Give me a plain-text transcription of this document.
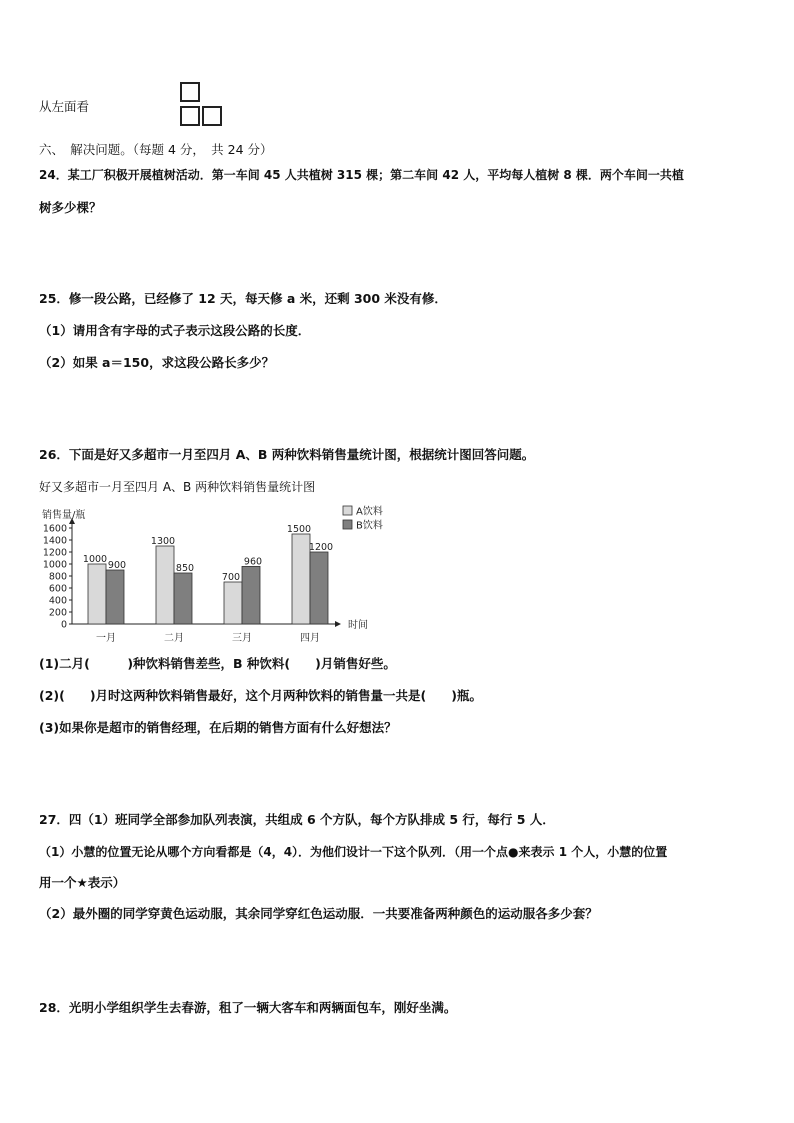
从左面看
六、　解决问题。（每题 4 分，　共 24 分）
24．某工厂积极开展植树活动．第一车间 45 人共植树 315 棵；第二车间 42 人，平均每人植树 8 棵．两个车间一共植
树多少棵？
25．修一段公路，已经修了 12 天，每天修 a 米，还剩 300 米没有修．
（1）请用含有字母的式子表示这段公路的长度．
（2）如果 a＝150，求这段公路长多少？
26．下面是好又多超市一月至四月 A、B 两种饮料销售量统计图，根据统计图回答问题。
好又多超市一月至四月 A、B 两种饮料销售量统计图
销售量/瓶
时间
0
200
400
600
800
1000
1200
1400
1600
1000
900
一月
1300
850
二月
700
960
三月
1500
1200
四月
A饮料
B饮料
(1)二月(　　　)种饮料销售差些，B 种饮料(　　)月销售好些。
(2)(　　)月时这两种饮料销售最好，这个月两种饮料的销售量一共是(　　)瓶。
(3)如果你是超市的销售经理，在后期的销售方面有什么好想法？
27．四（1）班同学全部参加队列表演，共组成 6 个方队，每个方队排成 5 行，每行 5 人．
（1）小慧的位置无论从哪个方向看都是（4，4）．为他们设计一下这个队列．（用一个点●来表示 1 个人，小慧的位置
用一个★表示）
（2）最外圈的同学穿黄色运动服，其余同学穿红色运动服．一共要准备两种颜色的运动服各多少套？
28．光明小学组织学生去春游，租了一辆大客车和两辆面包车，刚好坐满。
